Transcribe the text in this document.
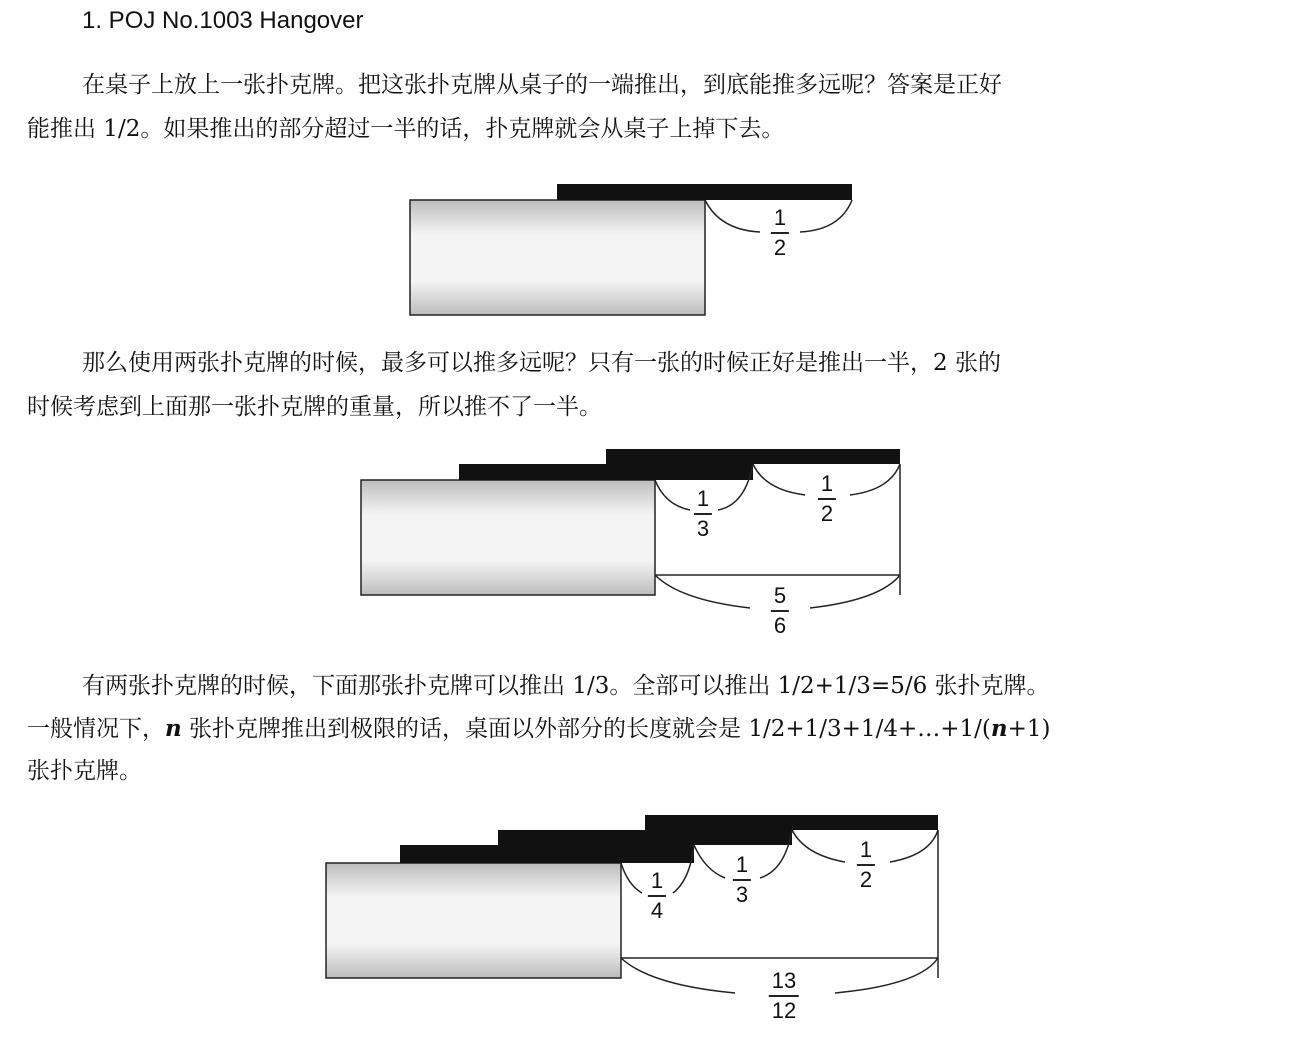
1. POJ No.1003 Hangover
在桌子上放上一张扑克牌。把这张扑克牌从桌子的一端推出，到底能推多远呢？答案是正好
能推出 1/2。如果推出的部分超过一半的话，扑克牌就会从桌子上掉下去。
那么使用两张扑克牌的时候，最多可以推多远呢？只有一张的时候正好是推出一半，2 张的
时候考虑到上面那一张扑克牌的重量，所以推不了一半。
有两张扑克牌的时候，下面那张扑克牌可以推出 1/3。全部可以推出 1/2+1/3=5/6 张扑克牌。
一般情况下，n 张扑克牌推出到极限的话，桌面以外部分的长度就会是 1/2+1/3+1/4+…+1/(n+1)
张扑克牌。
1
2
1
3
1
2
5
6
1
4
1
3
1
2
13
12
